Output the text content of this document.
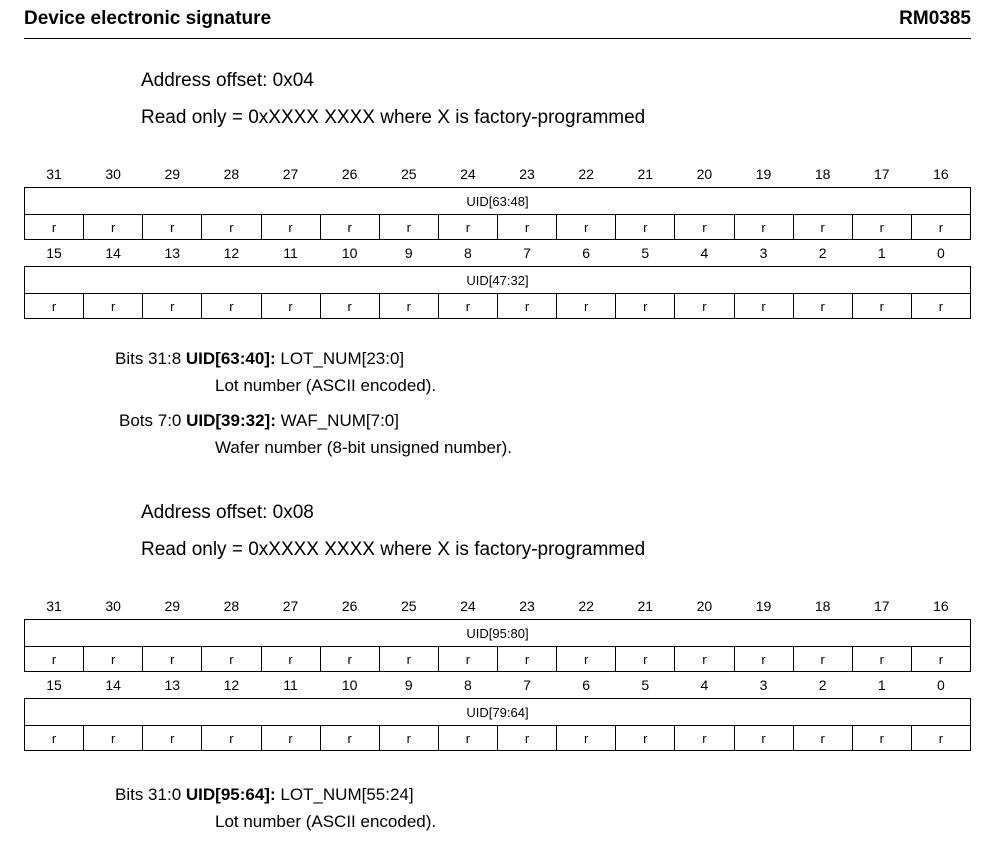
Device electronic signature	RM0385
Address offset: 0x04
Read only = 0xXXXX XXXX where X is factory-programmed
31	30	29	28	27	26	25	24	23	22	21	20	19	18	17	16
UID[63:48]															
r	r	r	r	r	r	r	r	r	r	r	r	r	r	r	r
15	14	13	12	11	10	9	8	7	6	5	4	3	2	1	0
UID[47:32]															
r	r	r	r	r	r	r	r	r	r	r	r	r	r	r	r
Bits 31:8 UID[63:40]: LOT_NUM[23:0]
Lot number (ASCII encoded).
Bots 7:0 UID[39:32]: WAF_NUM[7:0]
Wafer number (8-bit unsigned number).
Address offset: 0x08
Read only = 0xXXXX XXXX where X is factory-programmed
31	30	29	28	27	26	25	24	23	22	21	20	19	18	17	16
UID[95:80]															
r	r	r	r	r	r	r	r	r	r	r	r	r	r	r	r
15	14	13	12	11	10	9	8	7	6	5	4	3	2	1	0
UID[79:64]															
r	r	r	r	r	r	r	r	r	r	r	r	r	r	r	r
Bits 31:0 UID[95:64]: LOT_NUM[55:24]
Lot number (ASCII encoded).
